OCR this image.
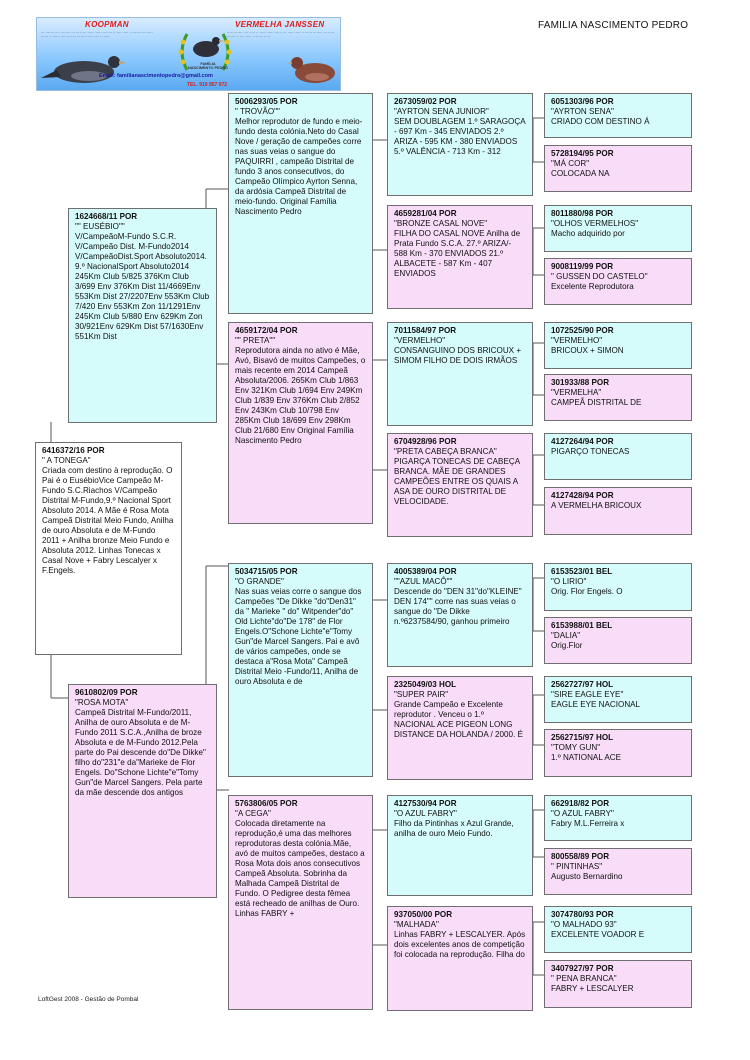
KOOPMAN	VERMELHA JANSSEN
··· ······· ···· ········ ··· ····· ··· ······ ····· ········ ·· ···· ····· ·· ······· ··· ····· ······ ·· ······ ···· ·· ····· ······ ······ ····· ·· ·····
····· ······· ···· ····· ·· ······ ····· ······ ··· ····· ····· ·· ······ ········ ··· ····· ······· ·· ···· ····· ·· ······ ·····
FAMÍLIA NASCIMENTO PEDRO
Email: familianascimentopedro@gmail.com
TEL. 919 957 972
FAMILIA NASCIMENTO PEDRO
6416372/16 POR
" A TONEGA"
Criada com destino à reprodução. O Pai é o EusébioVice Campeão M-Fundo S.C.Riachos V/Campeão Distrital M-Fundo,9.º Nacional Sport Absoluto 2014. A Mãe é Rosa Mota Campeã Distrital Meio Fundo, Anilha de ouro Absoluta e de M-Fundo 2011 + Anilha bronze Meio Fundo e Absoluta 2012. Linhas Tonecas x Casal Nove + Fabry Lescalyer x F.Engels.
1624668/11 POR
"" EUSÉBIO""
V/CampeãoM-Fundo S.C.R. V/Campeão Dist. M-Fundo2014 V/CampeãoDist.Sport Absoluto2014. 9.º NacionalSport Absoluto2014 245Km Club 5/825 376Km Club 3/699 Env 376Km Dist 11/4669Env 553Km Dist 27/2207Env 553Km Club 7/420 Env 553Km Zon 11/1291Env 245Km Club 5/880 Env 629Km Zon 30/921Env 629Km Dist 57/1630Env 551Km Dist
9610802/09 POR
"ROSA MOTA"
Campeã Distrital M-Fundo/2011, Anilha de ouro Absoluta e de M-Fundo 2011 S.C.A.,Anilha de broze Absoluta e de M-Fundo 2012.Pela parte do Pai descende do"De Dikke" filho do"231"e da"Marieke de Flor Engels. Do"Schone Lichte"e"Tomy Gun"de Marcel Sangers. Pela parte da mãe descende dos antigos
5006293/05 POR
" TROVÃO""
Melhor reprodutor de fundo e meio-fundo desta colónia.Neto do Casal Nove / geração de campeões corre nas suas veias o sangue do PAQUIRRI , campeão Distrital de fundo 3 anos consecutivos, do Campeão Olímpico Ayrton Senna, da ardósia Campeã Distrital de meio-fundo. Original Família Nascimento Pedro
4659172/04 POR
"" PRETA""
Reprodutora ainda no ativo é Mãe, Avó, Bisavó de muitos Campeões, o mais recente em 2014 Campeã Absoluta/2006. 265Km Club 1/863 Env 321Km Club 1/694 Env 249Km Club 1/839 Env 376Km Club 2/852 Env 243Km Club 10/798 Env 285Km Club 18/699 Env 298Km Club 21/680 Env Original Família Nascimento Pedro
5034715/05 POR
"O GRANDE"
Nas suas veias corre o sangue dos Campeões "De Dikke "do"Den31" da " Marieke " do" Witpender"do" Old Lichte"do"De 178" de Flor Engels.O"Schone Lichte"e"Tomy Gun"de Marcel Sangers. Pai e avô de vários campeões, onde se destaca a"Rosa Mota" Campeã Distrital Meio -Fundo/11, Anilha de ouro Absoluta e de
5763806/05 POR
"A CEGA"
Colocada diretamente na reprodução,é uma das melhores reprodutoras desta colónia.Mãe, avó de muitos campeões, destaco a Rosa Mota dois anos consecutivos Campeã Absoluta. Sobrinha da Malhada Campeã Distrital de Fundo. O Pedigree desta fêmea está recheado de anilhas de Ouro. Linhas FABRY +
2673059/02 POR
"AYRTON SENA JUNIOR"
SEM DOUBLAGEM 1.º SARAGOÇA - 697 Km - 345 ENVIADOS 2.º ARIZA - 595 KM - 380 ENVIADOS 5.º VALÊNCIA - 713 Km - 312
4659281/04 POR
"BRONZE CASAL NOVE"
FILHA DO CASAL NOVE Anilha de Prata Fundo S.C.A. 27.º ARIZA/- 588 Km - 370 ENVIADOS 21.º ALBACETE - 587 Km - 407 ENVIADOS
7011584/97 POR
"VERMELHO"
CONSANGUINO DOS BRICOUX + SIMOM FILHO DE DOIS IRMÃOS
6704928/96 POR
"PRETA CABEÇA BRANCA"
PIGARÇA TONECAS DE CABEÇA BRANCA. MÃE DE GRANDES CAMPEÕES ENTRE OS QUAIS A ASA DE OURO DISTRITAL DE VELOCIDADE.
4005389/04 POR
""AZUL MACÔ""
Descende do "DEN 31"do"KLEINE" DEN 174"" corre nas suas veias o sangue do "De Dikke n.º6237584/90, ganhou primeiro
2325049/03 HOL
"SUPER PAIR"
Grande Campeão e Excelente reprodutor . Venceu o 1.º NACIONAL ACE PIGEON LONG DISTANCE DA HOLANDA / 2000. É
4127530/94 POR
"O AZUL FABRY"
Filho da Pintinhas x Azul Grande, anilha de ouro Meio Fundo.
937050/00 POR
"MALHADA"
Linhas FABRY + LESCALYER. Após dois excelentes anos de competição foi colocada na reprodução. Filha do
6051303/96 POR
"AYRTON SENA"
CRIADO COM DESTINO Á
5728194/95 POR
"MÁ COR"
COLOCADA NA
8011880/98 POR
"OLHOS VERMELHOS"
Macho adquirido por
9008119/99 POR
" GUSSEN DO CASTELO"
Excelente Reprodutora
1072525/90 POR
"VERMELHO"
BRICOUX + SIMON
301933/88 POR
"VERMELHA"
CAMPEÃ DISTRITAL DE
4127264/94 POR
PIGARÇO TONECAS
4127428/94 POR
A VERMELHA BRICOUX
6153523/01 BEL
"O LIRIO"
Orig. Flor Engels. O
6153988/01 BEL
"DALIA"
Orig.Flor
2562727/97 HOL
"SIRE EAGLE EYE"
EAGLE EYE NACIONAL
2562715/97 HOL
"TOMY GUN"
1.º NATIONAL ACE
662918/82 POR
"O AZUL FABRY"
Fabry M.L.Ferreira x
800558/89 POR
" PINTINHAS"
Augusto Bernardino
3074780/93 POR
"O MALHADO 93"
EXCELENTE VOADOR E
3407927/97 POR
" PENA BRANCA"
FABRY + LESCALYER
LoftGest 2008 - Gestão de Pombal
